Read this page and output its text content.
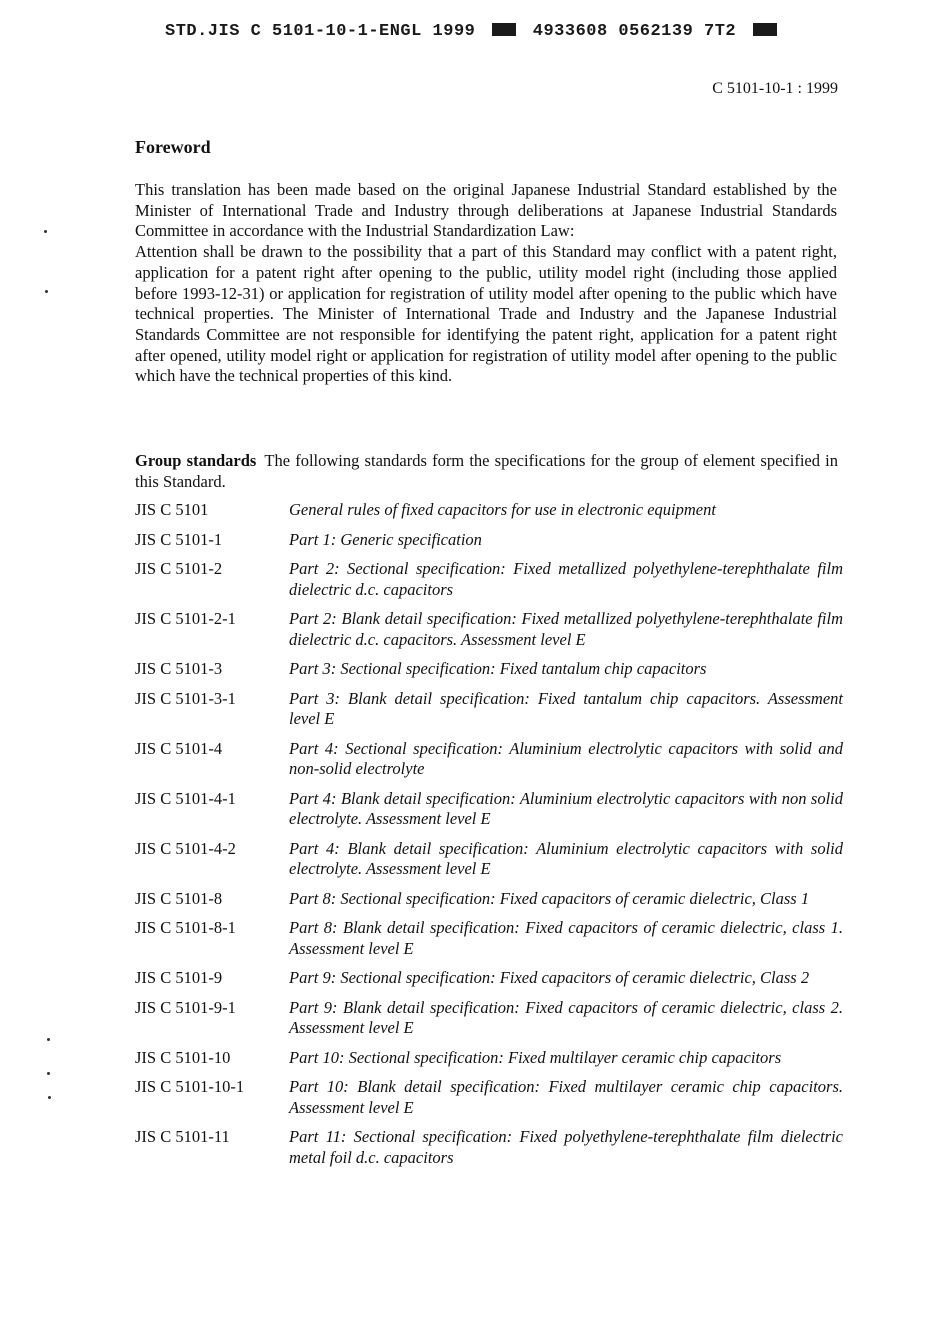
STD.JIS C 5101-10-1-ENGL 1999	4933608 0562139 7T2
C 5101-10-1 : 1999
Foreword

This translation has been made based on the original Japanese Industrial Standard established by the Minister of International Trade and Industry through deliberations at Japanese Industrial Standards Committee in accordance with the Industrial Standardization Law:

Attention shall be drawn to the possibility that a part of this Standard may conflict with a patent right, application for a patent right after opening to the public, utility model right (including those applied before 1993-12-31) or application for registration of utility model after opening to the public which have technical properties. The Minister of International Trade and Industry and the Japanese Industrial Standards Committee are not responsible for identifying the patent right, application for a patent right after opened, utility model right or application for registration of utility model after opening to the public which have the technical properties of this kind.

Group standards The following standards form the specifications for the group of element specified in this Standard.
JIS C 5101	General rules of fixed capacitors for use in electronic equipment
JIS C 5101-1	Part 1: Generic specification
JIS C 5101-2	Part 2: Sectional specification: Fixed metallized polyethylene-terephthalate film dielectric d.c. capacitors
JIS C 5101-2-1	Part 2: Blank detail specification: Fixed metallized polyethylene-terephthalate film dielectric d.c. capacitors. Assessment level E
JIS C 5101-3	Part 3: Sectional specification: Fixed tantalum chip capacitors
JIS C 5101-3-1	Part 3: Blank detail specification: Fixed tantalum chip capacitors. Assessment level E
JIS C 5101-4	Part 4: Sectional specification: Aluminium electrolytic capacitors with solid and non-solid electrolyte
JIS C 5101-4-1	Part 4: Blank detail specification: Aluminium electrolytic capacitors with non solid electrolyte. Assessment level E
JIS C 5101-4-2	Part 4: Blank detail specification: Aluminium electrolytic capacitors with solid electrolyte. Assessment level E
JIS C 5101-8	Part 8: Sectional specification: Fixed capacitors of ceramic dielectric, Class 1
JIS C 5101-8-1	Part 8: Blank detail specification: Fixed capacitors of ceramic dielectric, class 1. Assessment level E
JIS C 5101-9	Part 9: Sectional specification: Fixed capacitors of ceramic dielectric, Class 2
JIS C 5101-9-1	Part 9: Blank detail specification: Fixed capacitors of ceramic dielectric, class 2. Assessment level E
JIS C 5101-10	Part 10: Sectional specification: Fixed multilayer ceramic chip capacitors
JIS C 5101-10-1	Part 10: Blank detail specification: Fixed multilayer ceramic chip capacitors. Assessment level E
JIS C 5101-11	Part 11: Sectional specification: Fixed polyethylene-terephthalate film dielectric metal foil d.c. capacitors
